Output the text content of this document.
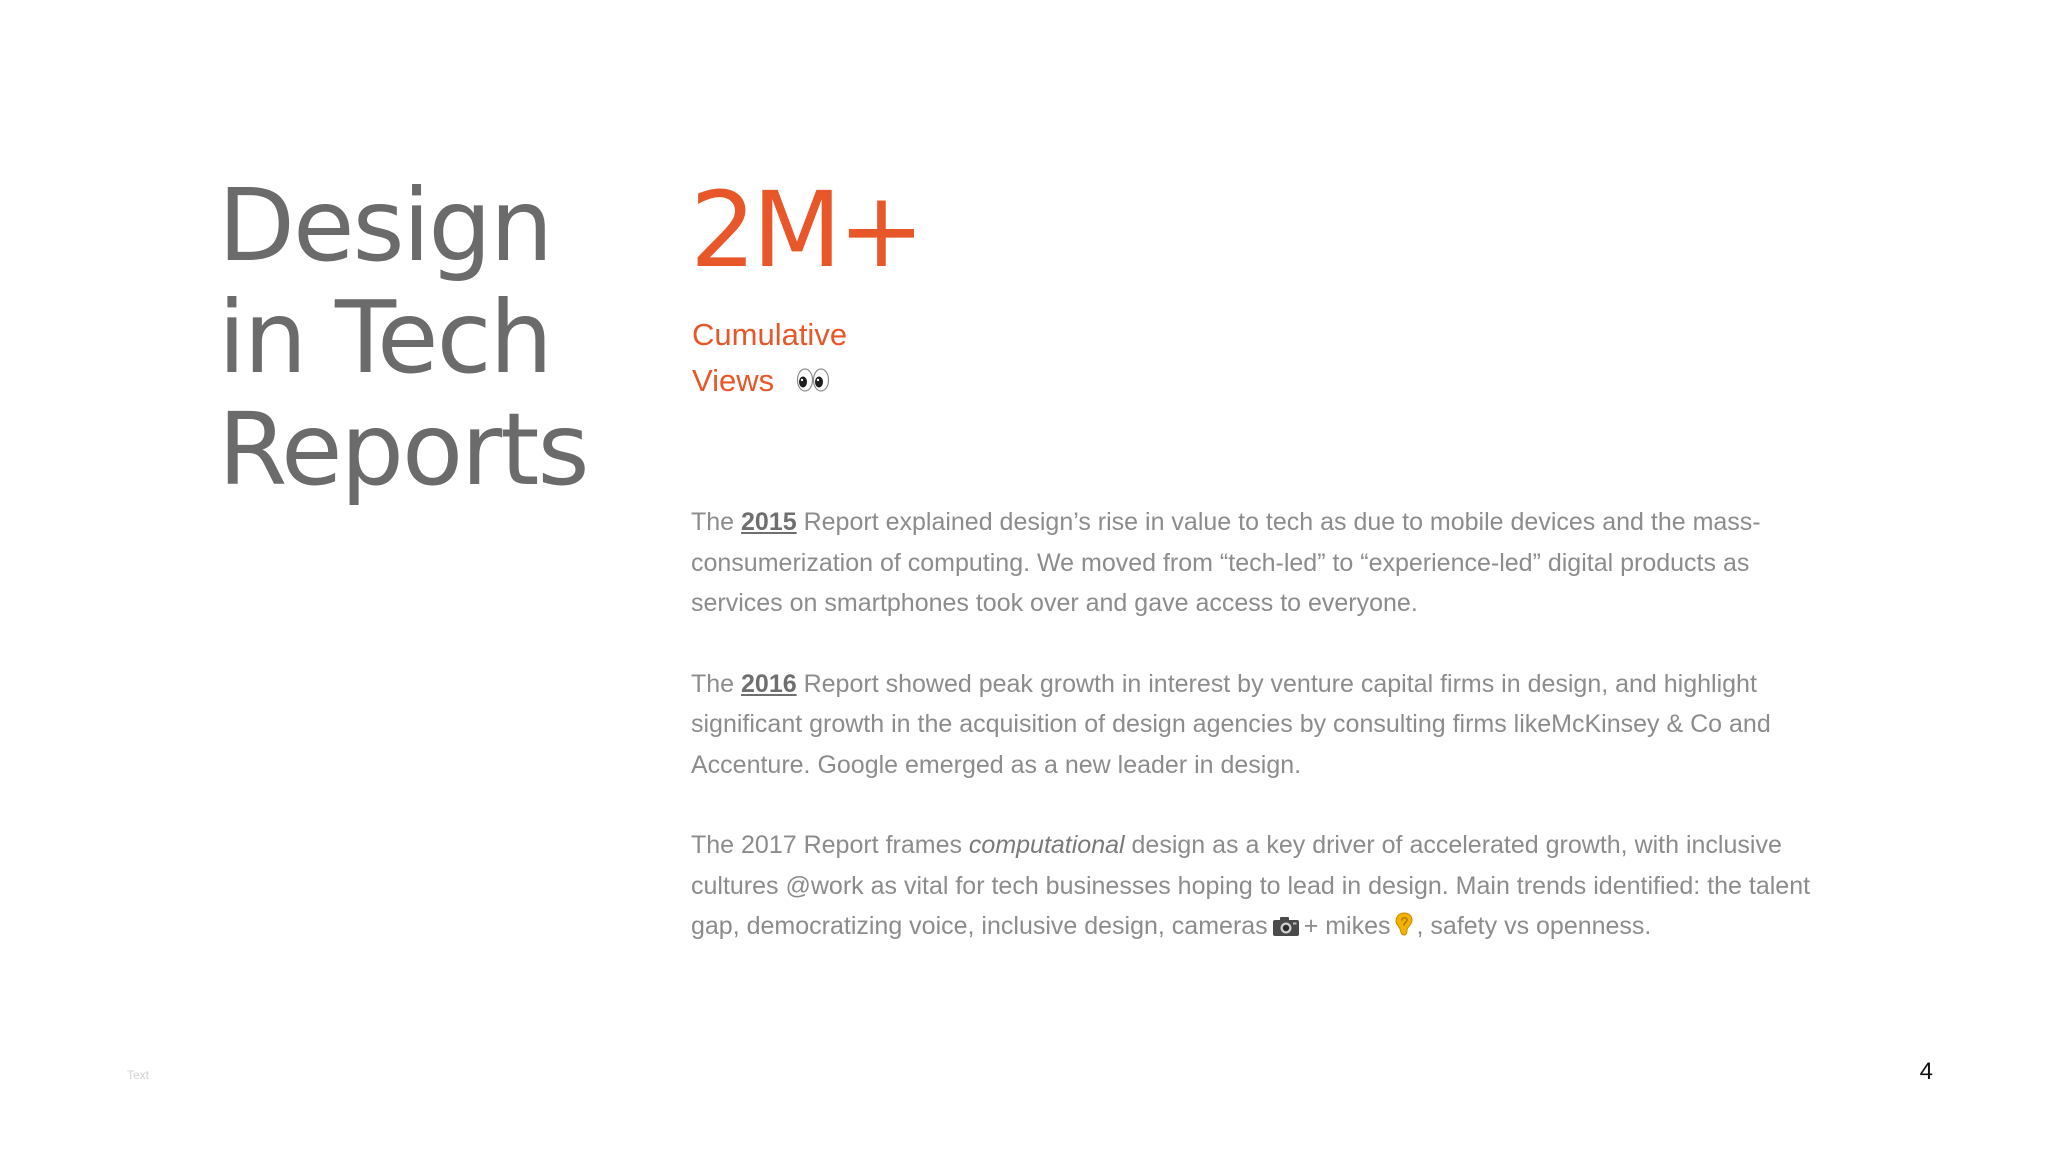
Design
in Tech
Reports
2M+
Cumulative
Views

The 2015 Report explained design’s rise in value to tech as due to mobile devices and the mass-consumerization of computing. We moved from “tech-led” to “experience-led” digital products as services on smartphones took over and gave access to everyone.

The 2016 Report showed peak growth in interest by venture capital firms in design, and highlight significant growth in the acquisition of design agencies by consulting firms likeMcKinsey & Co and Accenture. Google emerged as a new leader in design.

The 2017 Report frames computational design as a key driver of accelerated growth, with inclusive cultures @work as vital for tech businesses hoping to lead in design. Main trends identified: the talent gap, democratizing voice, inclusive design, cameras + mikes , safety vs openness.

Text	4
